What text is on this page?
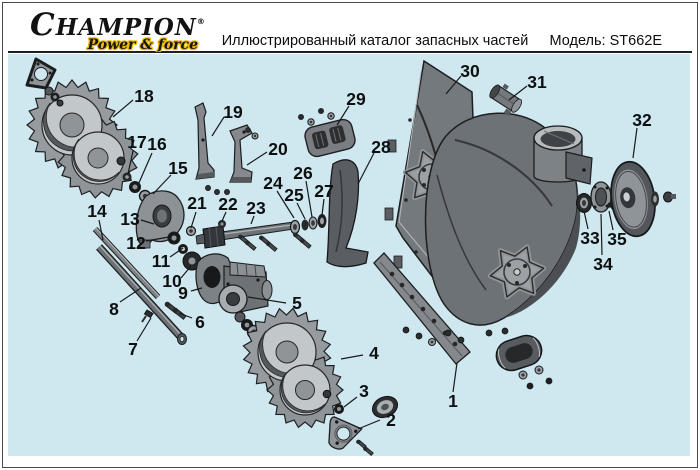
CHAMPION®
Power & force	Иллюстрированный каталог запасных частей	Модель: ST662E
1
2
3
4
5
6
7
8
9
10
11
12
13
14
15
16
17
18
19
20
21 22 23
24
25
26
27
28
29
30
31
32
33
34
35
